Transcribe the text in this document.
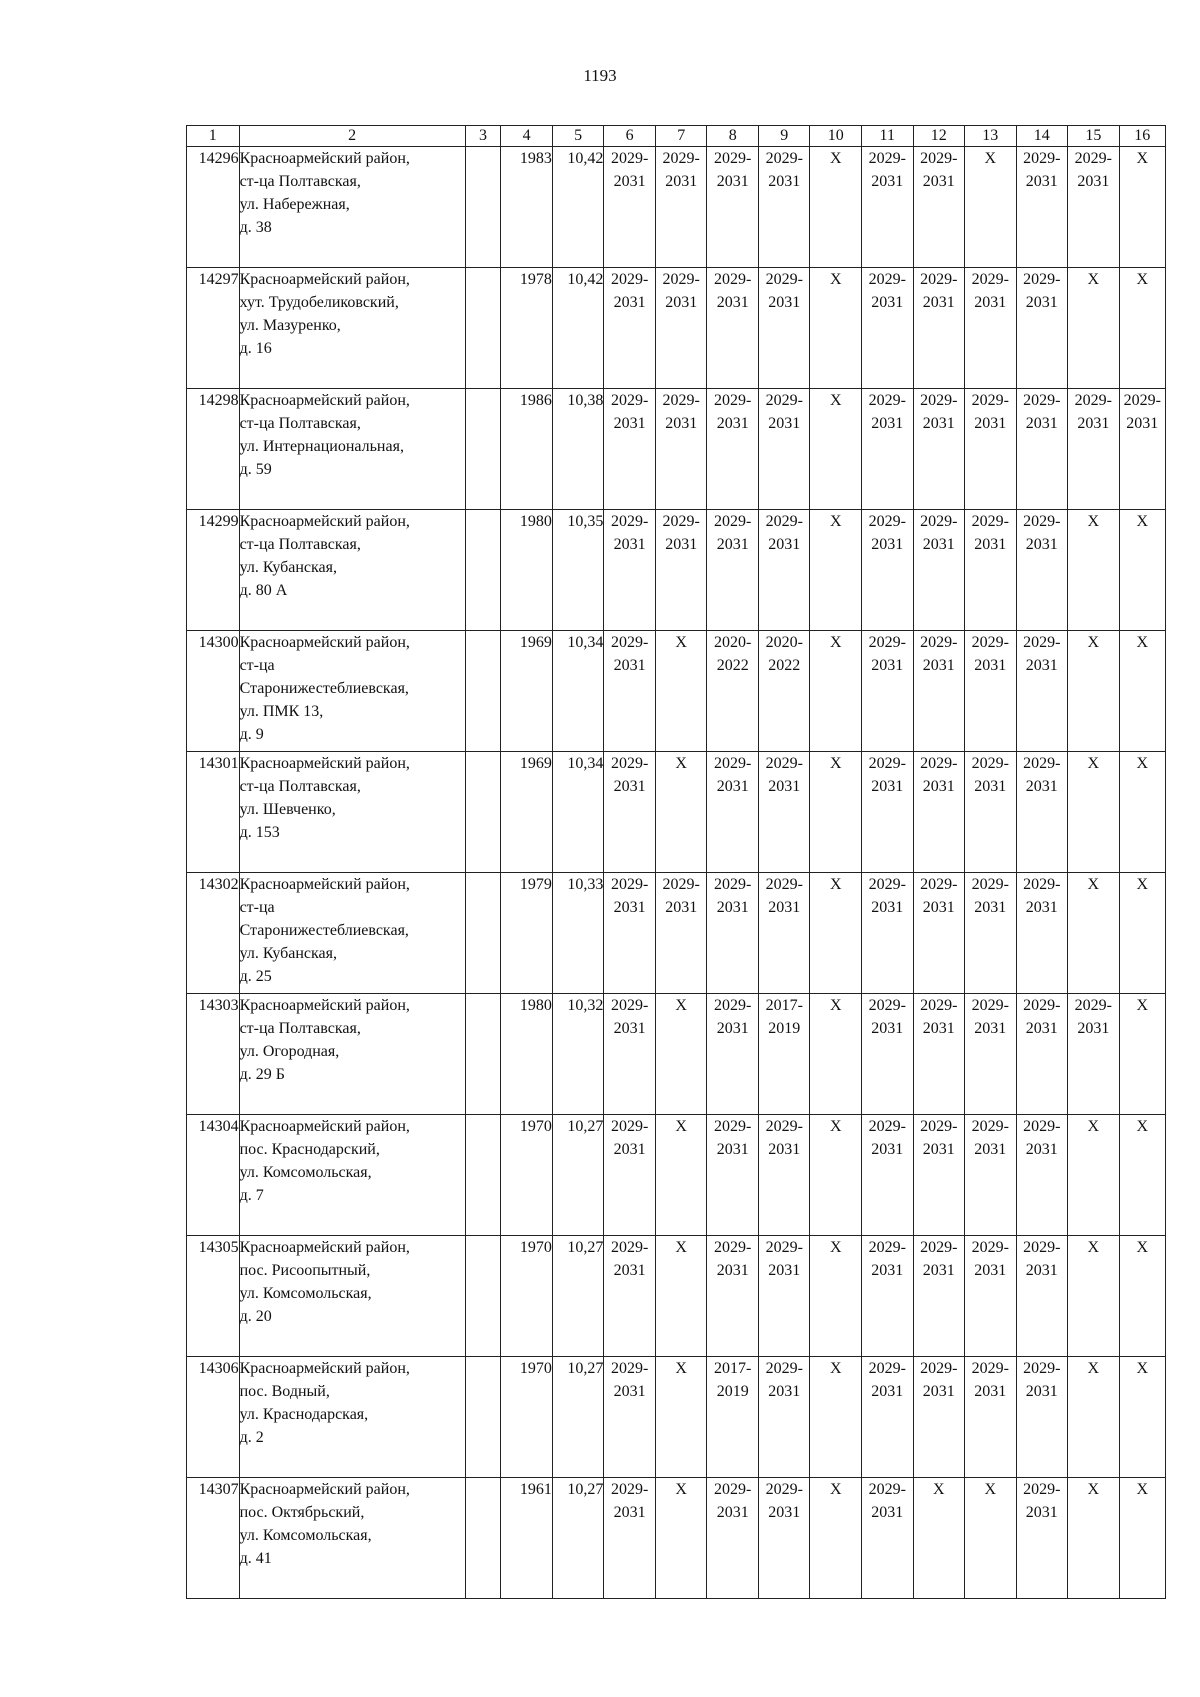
1193
1	2	3	4	5	6	7	8	9	10	11	12	13	14	15	16
14296	Красноармейский район,
ст-ца Полтавская,
ул. Набережная,
д. 38		1983	10,42	2029-
2031	2029-
2031	2029-
2031	2029-
2031	Х	2029-
2031	2029-
2031	Х	2029-
2031	2029-
2031	Х

14297	Красноармейский район,
хут. Трудобеликовский,
ул. Мазуренко,
д. 16		1978	10,42	2029-
2031	2029-
2031	2029-
2031	2029-
2031	Х	2029-
2031	2029-
2031	2029-
2031	2029-
2031	Х	Х

14298	Красноармейский район,
ст-ца Полтавская,
ул. Интернациональная,
д. 59		1986	10,38	2029-
2031	2029-
2031	2029-
2031	2029-
2031	Х	2029-
2031	2029-
2031	2029-
2031	2029-
2031	2029-
2031	2029-
2031

14299	Красноармейский район,
ст-ца Полтавская,
ул. Кубанская,
д. 80 А		1980	10,35	2029-
2031	2029-
2031	2029-
2031	2029-
2031	Х	2029-
2031	2029-
2031	2029-
2031	2029-
2031	Х	Х

14300	Красноармейский район,
ст-ца
Старонижестеблиевская,
ул. ПМК 13,
д. 9		1969	10,34	2029-
2031	Х	2020-
2022	2020-
2022	Х	2029-
2031	2029-
2031	2029-
2031	2029-
2031	Х	Х

14301	Красноармейский район,
ст-ца Полтавская,
ул. Шевченко,
д. 153		1969	10,34	2029-
2031	Х	2029-
2031	2029-
2031	Х	2029-
2031	2029-
2031	2029-
2031	2029-
2031	Х	Х

14302	Красноармейский район,
ст-ца
Старонижестеблиевская,
ул. Кубанская,
д. 25		1979	10,33	2029-
2031	2029-
2031	2029-
2031	2029-
2031	Х	2029-
2031	2029-
2031	2029-
2031	2029-
2031	Х	Х

14303	Красноармейский район,
ст-ца Полтавская,
ул. Огородная,
д. 29 Б		1980	10,32	2029-
2031	Х	2029-
2031	2017-
2019	Х	2029-
2031	2029-
2031	2029-
2031	2029-
2031	2029-
2031	Х

14304	Красноармейский район,
пос. Краснодарский,
ул. Комсомольская,
д. 7		1970	10,27	2029-
2031	Х	2029-
2031	2029-
2031	Х	2029-
2031	2029-
2031	2029-
2031	2029-
2031	Х	Х

14305	Красноармейский район,
пос. Рисоопытный,
ул. Комсомольская,
д. 20		1970	10,27	2029-
2031	Х	2029-
2031	2029-
2031	Х	2029-
2031	2029-
2031	2029-
2031	2029-
2031	Х	Х

14306	Красноармейский район,
пос. Водный,
ул. Краснодарская,
д. 2		1970	10,27	2029-
2031	Х	2017-
2019	2029-
2031	Х	2029-
2031	2029-
2031	2029-
2031	2029-
2031	Х	Х

14307	Красноармейский район,
пос. Октябрьский,
ул. Комсомольская,
д. 41		1961	10,27	2029-
2031	Х	2029-
2031	2029-
2031	Х	2029-
2031	Х	Х	2029-
2031	Х	Х
